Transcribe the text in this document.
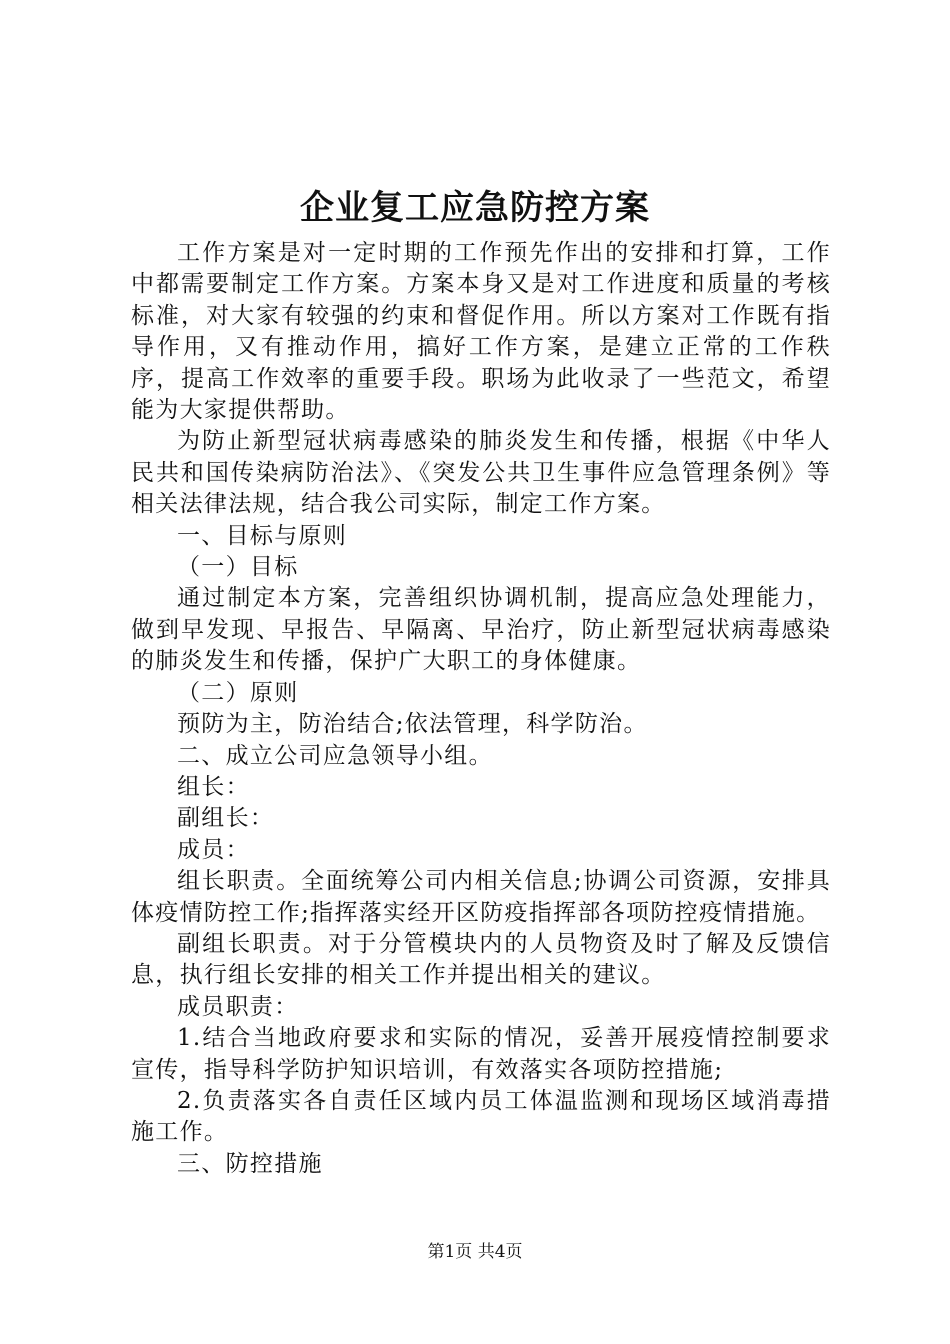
企业复工应急防控方案

工作方案是对一定时期的工作预先作出的安排和打算，工作中都需要制定工作方案。方案本身又是对工作进度和质量的考核标准，对大家有较强的约束和督促作用。所以方案对工作既有指导作用，又有推动作用，搞好工作方案，是建立正常的工作秩序，提高工作效率的重要手段。职场为此收录了一些范文，希望能为大家提供帮助。

为防止新型冠状病毒感染的肺炎发生和传播，根据《中华人民共和国传染病防治法》、《突发公共卫生事件应急管理条例》等相关法律法规，结合我公司实际，制定工作方案。

一、目标与原则

（一）目标

通过制定本方案，完善组织协调机制，提高应急处理能力，做到早发现、早报告、早隔离、早治疗，防止新型冠状病毒感染的肺炎发生和传播，保护广大职工的身体健康。

（二）原则

预防为主，防治结合;依法管理，科学防治。

二、成立公司应急领导小组。

组长：

副组长：

成员：

组长职责。全面统筹公司内相关信息;协调公司资源，安排具体疫情防控工作;指挥落实经开区防疫指挥部各项防控疫情措施。

副组长职责。对于分管模块内的人员物资及时了解及反馈信息，执行组长安排的相关工作并提出相关的建议。

成员职责：

1.结合当地政府要求和实际的情况，妥善开展疫情控制要求宣传，指导科学防护知识培训，有效落实各项防控措施;

2.负责落实各自责任区域内员工体温监测和现场区域消毒措施工作。

三、防控措施

第1页 共4页
